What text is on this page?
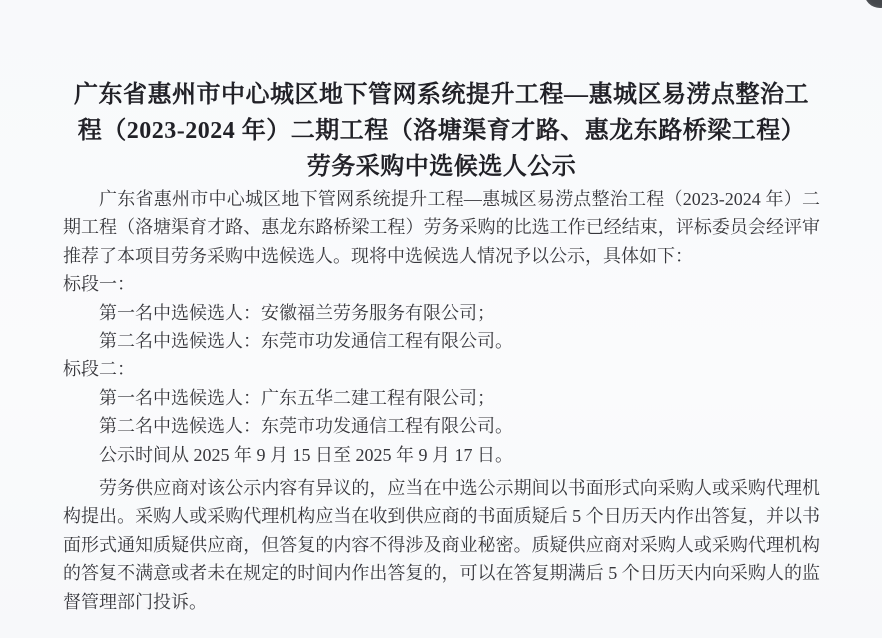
广东省惠州市中心城区地下管网系统提升工程—惠城区易涝点整治工
程（2023-2024 年）二期工程（洛塘渠育才路、惠龙东路桥梁工程）
劳务采购中选候选人公示

广东省惠州市中心城区地下管网系统提升工程—惠城区易涝点整治工程（2023-2024 年）二期工程（洛塘渠育才路、惠龙东路桥梁工程）劳务采购的比选工作已经结束，评标委员会经评审推荐了本项目劳务采购中选候选人。现将中选候选人情况予以公示，具体如下：

标段一：

第一名中选候选人：安徽福兰劳务服务有限公司；

第二名中选候选人：东莞市功发通信工程有限公司。

标段二：

第一名中选候选人：广东五华二建工程有限公司；

第二名中选候选人：东莞市功发通信工程有限公司。

公示时间从 2025 年 9 月 15 日至 2025 年 9 月 17 日。

劳务供应商对该公示内容有异议的，应当在中选公示期间以书面形式向采购人或采购代理机构提出。采购人或采购代理机构应当在收到供应商的书面质疑后 5 个日历天内作出答复，并以书面形式通知质疑供应商，但答复的内容不得涉及商业秘密。质疑供应商对采购人或采购代理机构的答复不满意或者未在规定的时间内作出答复的，可以在答复期满后 5 个日历天内向采购人的监督管理部门投诉。
